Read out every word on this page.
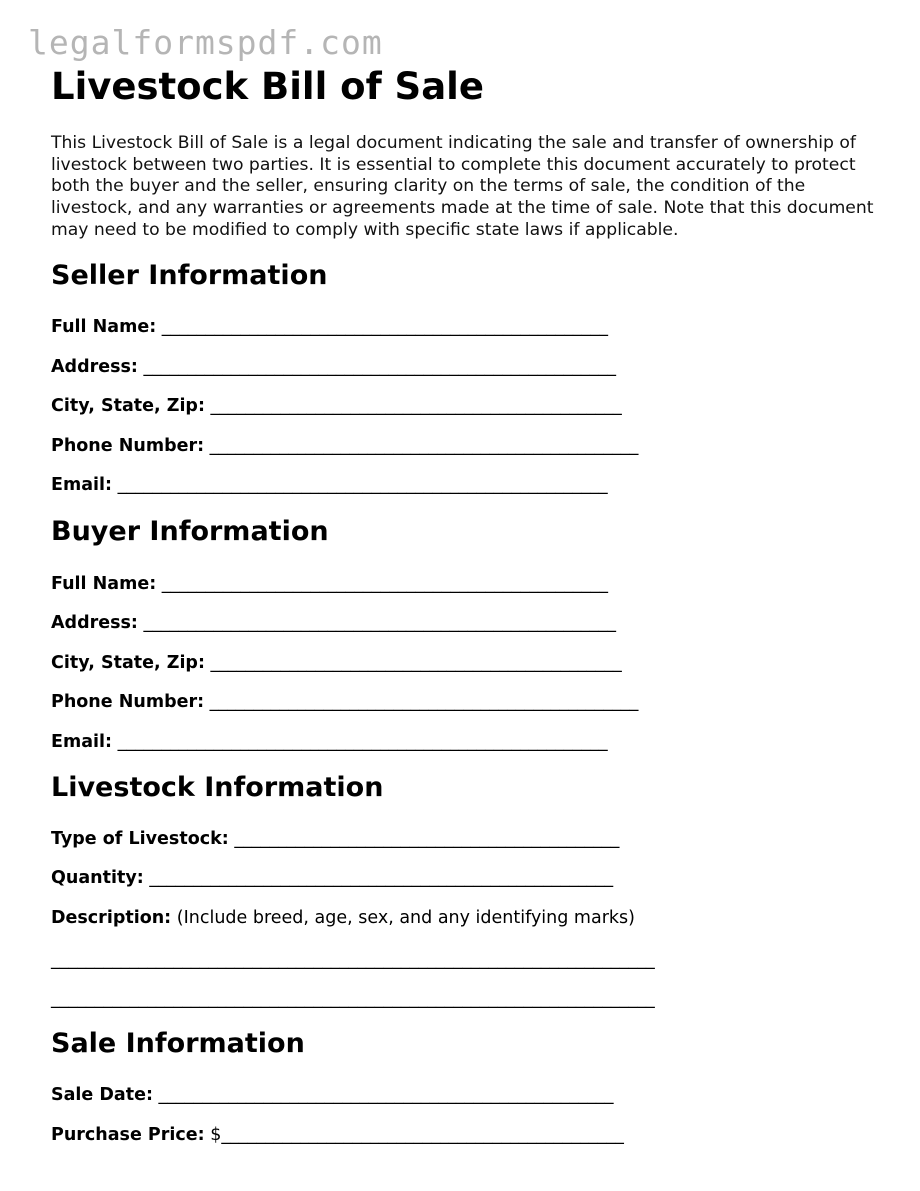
legalformspdf.com
Livestock Bill of Sale

This Livestock Bill of Sale is a legal document indicating the sale and transfer of ownership of livestock between two parties. It is essential to complete this document accurately to protect both the buyer and the seller, ensuring clarity on the terms of sale, the condition of the livestock, and any warranties or agreements made at the time of sale. Note that this document may need to be modified to comply with specific state laws if applicable.

Seller Information
Full Name: ___________________________________________________
Address: ______________________________________________________
City, State, Zip: _______________________________________________
Phone Number: _________________________________________________
Email: ________________________________________________________
Buyer Information
Full Name: ___________________________________________________
Address: ______________________________________________________
City, State, Zip: _______________________________________________
Phone Number: _________________________________________________
Email: ________________________________________________________
Livestock Information
Type of Livestock: ____________________________________________
Quantity: _____________________________________________________
Description: (Include breed, age, sex, and any identifying marks)
_____________________________________________________________________
_____________________________________________________________________
Sale Information
Sale Date: ____________________________________________________
Purchase Price: $______________________________________________
